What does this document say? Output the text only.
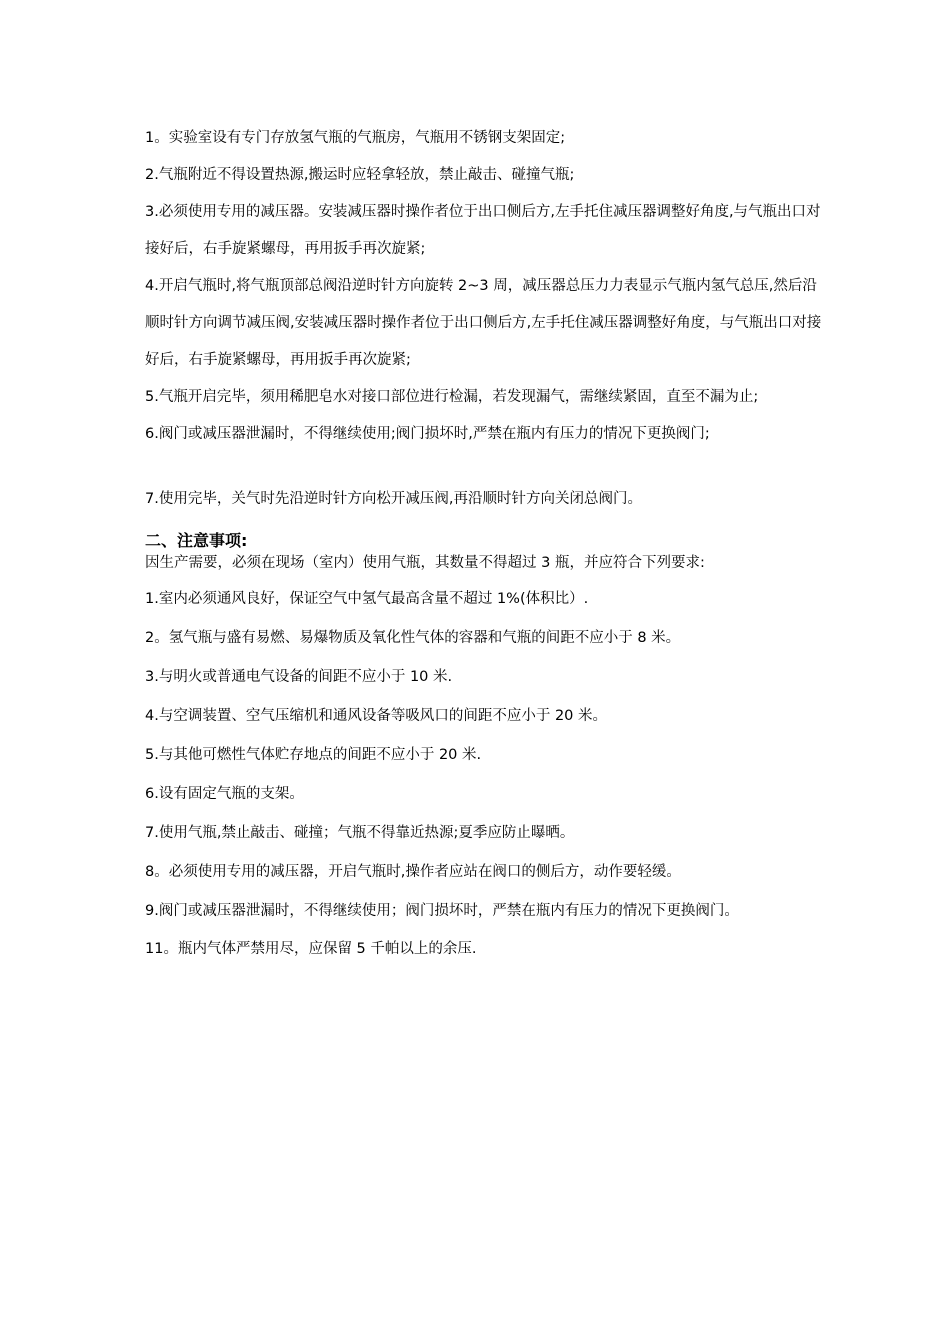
1。实验室设有专门存放氢气瓶的气瓶房，气瓶用不锈钢支架固定;

2.气瓶附近不得设置热源,搬运时应轻拿轻放，禁止敲击、碰撞气瓶;

3.必须使用专用的减压器。安装减压器时操作者位于出口侧后方,左手托住减压器调整好角度,与气瓶出口对接好后，右手旋紧螺母，再用扳手再次旋紧;

4.开启气瓶时,将气瓶顶部总阀沿逆时针方向旋转 2~3 周，减压器总压力力表显示气瓶内氢气总压,然后沿顺时针方向调节减压阀,安装减压器时操作者位于出口侧后方,左手托住减压器调整好角度，与气瓶出口对接好后，右手旋紧螺母，再用扳手再次旋紧;

5.气瓶开启完毕，须用稀肥皂水对接口部位进行检漏，若发现漏气，需继续紧固，直至不漏为止;

6.阀门或减压器泄漏时，不得继续使用;阀门损坏时,严禁在瓶内有压力的情况下更换阀门;

7.使用完毕，关气时先沿逆时针方向松开减压阀,再沿顺时针方向关闭总阀门。

二、注意事项:
因生产需要，必须在现场（室内）使用气瓶，其数量不得超过 3 瓶，并应符合下列要求:

1.室内必须通风良好，保证空气中氢气最高含量不超过 1%(体积比）.

2。氢气瓶与盛有易燃、易爆物质及氧化性气体的容器和气瓶的间距不应小于 8 米。

3.与明火或普通电气设备的间距不应小于 10 米.

4.与空调装置、空气压缩机和通风设备等吸风口的间距不应小于 20 米。

5.与其他可燃性气体贮存地点的间距不应小于 20 米.

6.设有固定气瓶的支架。

7.使用气瓶,禁止敲击、碰撞；气瓶不得靠近热源;夏季应防止曝晒。

8。必须使用专用的减压器，开启气瓶时,操作者应站在阀口的侧后方，动作要轻缓。

9.阀门或减压器泄漏时，不得继续使用；阀门损坏时，严禁在瓶内有压力的情况下更换阀门。

11。瓶内气体严禁用尽，应保留 5 千帕以上的余压.
